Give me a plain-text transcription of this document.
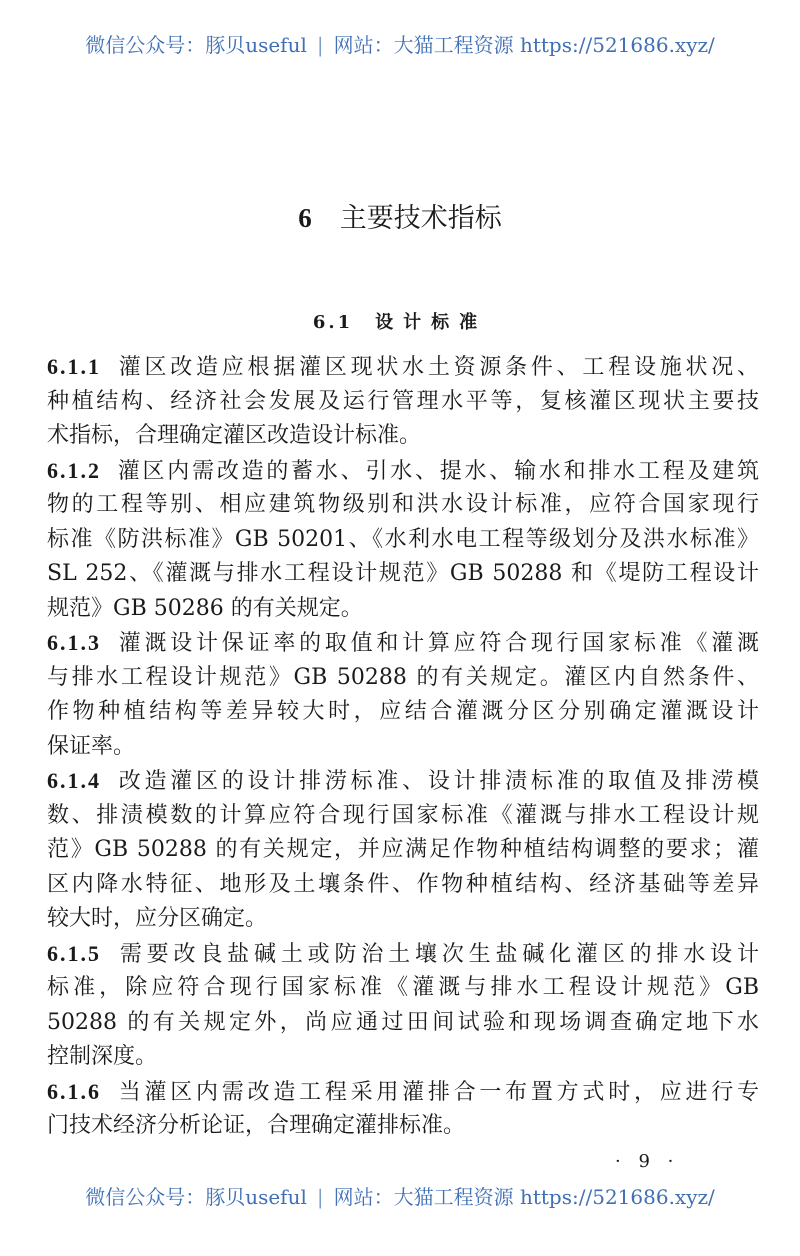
微信公众号：豚贝useful | 网站：大猫工程资源 https://521686.xyz/
6 主要技术指标
6.1 设计标准
6.1.1 灌区改造应根据灌区现状水土资源条件、工程设施状况、
种植结构、经济社会发展及运行管理水平等，复核灌区现状主要技
术指标，合理确定灌区改造设计标准。
6.1.2 灌区内需改造的蓄水、引水、提水、输水和排水工程及建筑
物的工程等别、相应建筑物级别和洪水设计标准，应符合国家现行
标准《防洪标准》GB 50201、《水利水电工程等级划分及洪水标准》
SL 252、《灌溉与排水工程设计规范》GB 50288 和《堤防工程设计
规范》GB 50286 的有关规定。
6.1.3 灌溉设计保证率的取值和计算应符合现行国家标准《灌溉
与排水工程设计规范》GB 50288 的有关规定。灌区内自然条件、
作物种植结构等差异较大时，应结合灌溉分区分别确定灌溉设计
保证率。
6.1.4 改造灌区的设计排涝标准、设计排渍标准的取值及排涝模
数、排渍模数的计算应符合现行国家标准《灌溉与排水工程设计规
范》GB 50288 的有关规定，并应满足作物种植结构调整的要求；灌
区内降水特征、地形及土壤条件、作物种植结构、经济基础等差异
较大时，应分区确定。
6.1.5 需要改良盐碱土或防治土壤次生盐碱化灌区的排水设计
标准，除应符合现行国家标准《灌溉与排水工程设计规范》GB
50288 的有关规定外，尚应通过田间试验和现场调查确定地下水
控制深度。
6.1.6 当灌区内需改造工程采用灌排合一布置方式时，应进行专
门技术经济分析论证，合理确定灌排标准。
· 9 ·
微信公众号：豚贝useful | 网站：大猫工程资源 https://521686.xyz/
